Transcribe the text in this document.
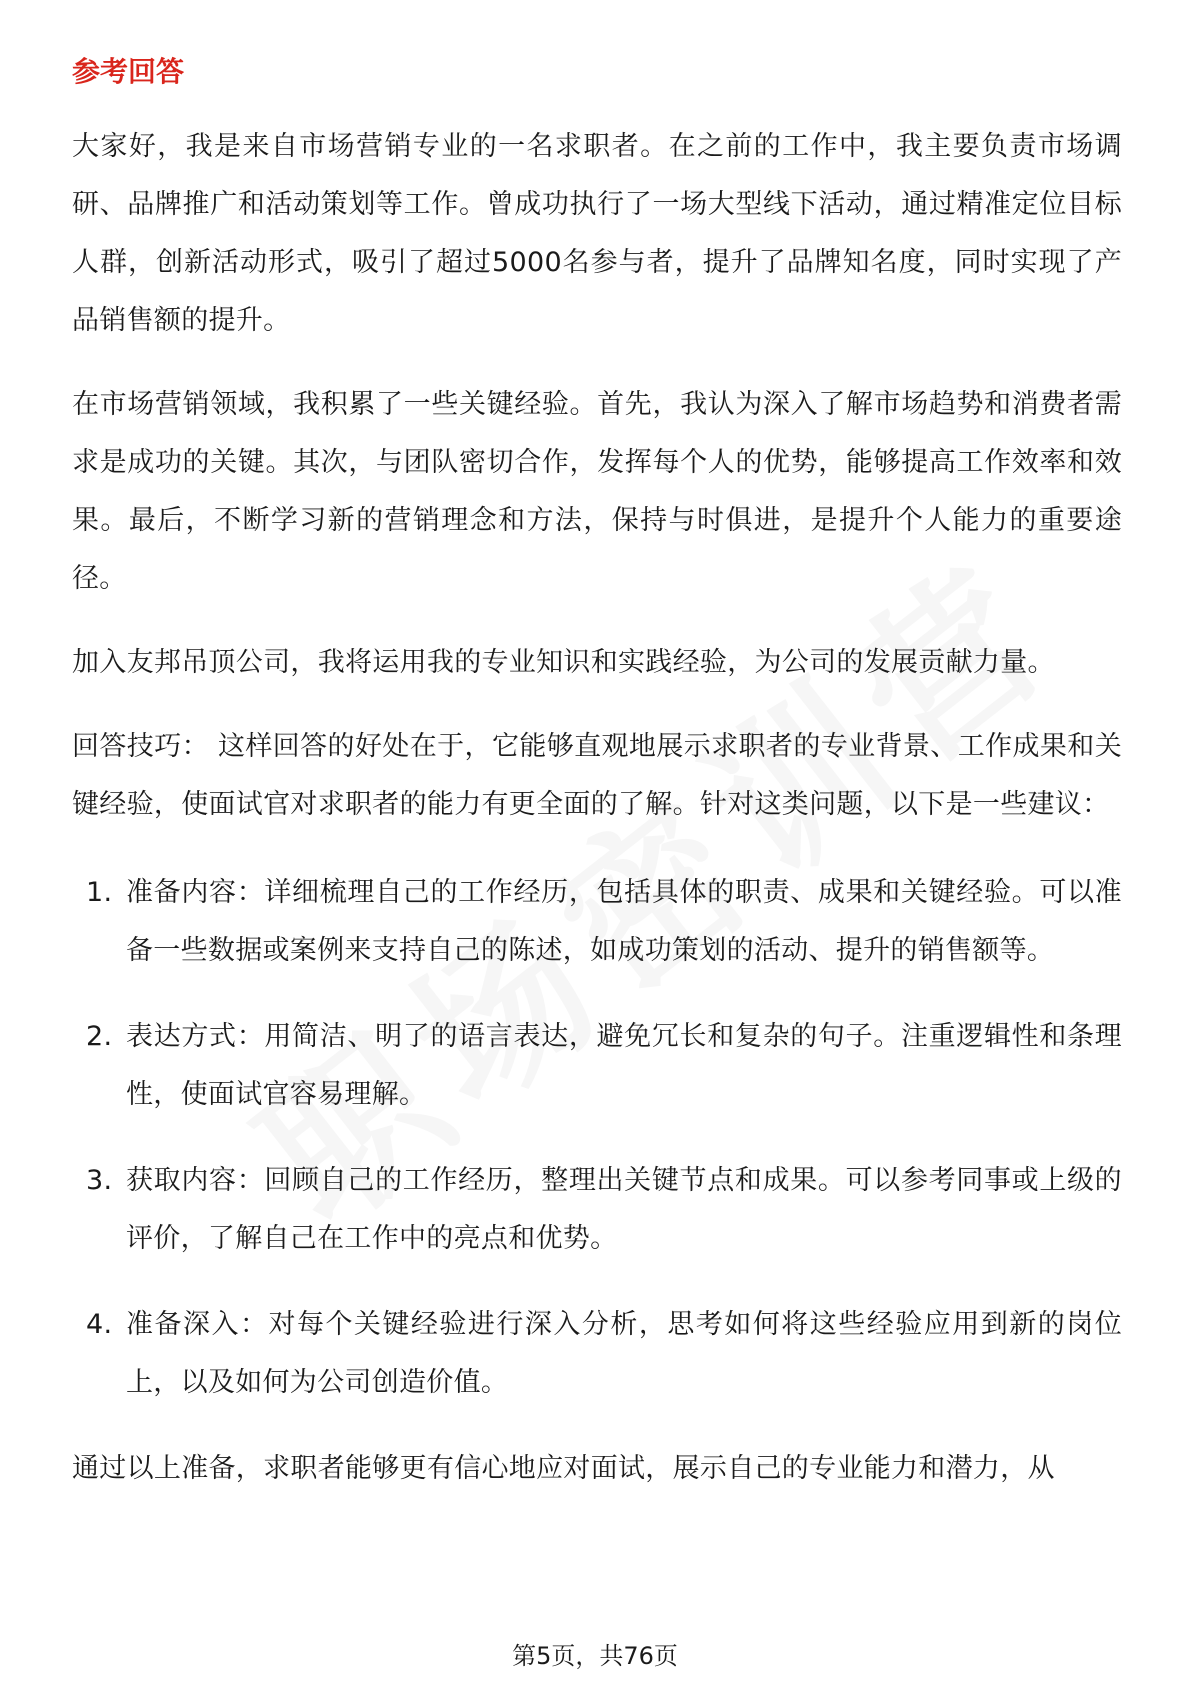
参考回答

大家好，我是来自市场营销专业的一名求职者。在之前的工作中，我主要负责市场调研、品牌推广和活动策划等工作。曾成功执行了一场大型线下活动，通过精准定位目标人群，创新活动形式，吸引了超过5000名参与者，提升了品牌知名度，同时实现了产品销售额的提升。

在市场营销领域，我积累了一些关键经验。首先，我认为深入了解市场趋势和消费者需求是成功的关键。其次，与团队密切合作，发挥每个人的优势，能够提高工作效率和效果。最后，不断学习新的营销理念和方法，保持与时俱进，是提升个人能力的重要途径。

加入友邦吊顶公司，我将运用我的专业知识和实践经验，为公司的发展贡献力量。

回答技巧： 这样回答的好处在于，它能够直观地展示求职者的专业背景、工作成果和关键经验，使面试官对求职者的能力有更全面的了解。针对这类问题，以下是一些建议：

1. 准备内容：详细梳理自己的工作经历，包括具体的职责、成果和关键经验。可以准备一些数据或案例来支持自己的陈述，如成功策划的活动、提升的销售额等。
2. 表达方式：用简洁、明了的语言表达，避免冗长和复杂的句子。注重逻辑性和条理性，使面试官容易理解。
3. 获取内容：回顾自己的工作经历，整理出关键节点和成果。可以参考同事或上级的评价，了解自己在工作中的亮点和优势。
4. 准备深入：对每个关键经验进行深入分析，思考如何将这些经验应用到新的岗位上，以及如何为公司创造价值。

通过以上准备，求职者能够更有信心地应对面试，展示自己的专业能力和潜力，从

第5页，共76页
